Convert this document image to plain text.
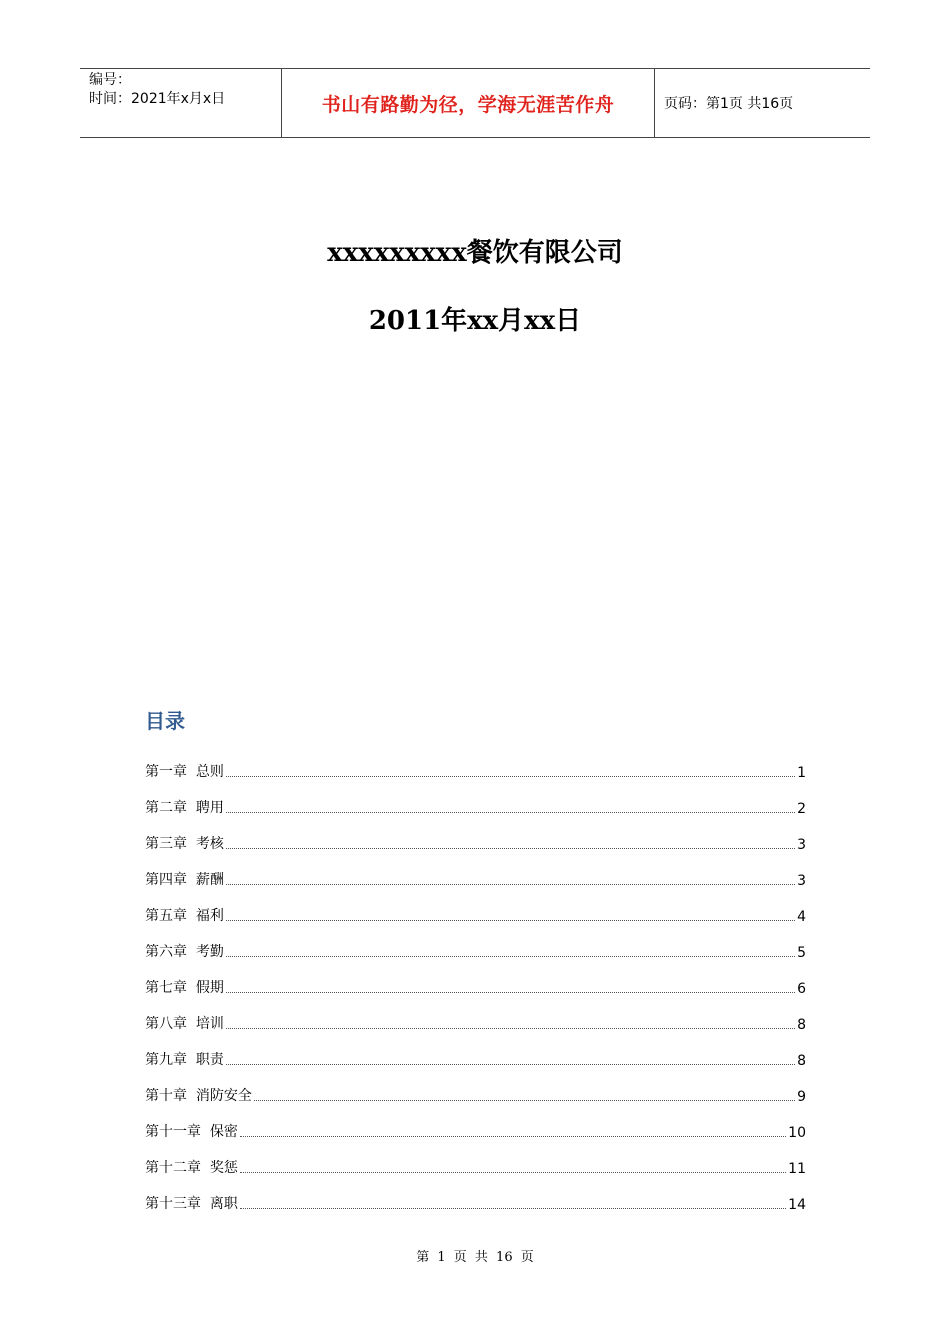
编号：
时间：2021年x月x日	书山有路勤为径，学海无涯苦作舟	页码：第1页 共16页
xxxxxxxxx餐饮有限公司
2011年xx月xx日
目录
第一章  总则	1
第二章  聘用	2
第三章  考核	3
第四章  薪酬	3
第五章  福利	4
第六章  考勤	5
第七章  假期	6
第八章  培训	8
第九章  职责	8
第十章  消防安全	9
第十一章  保密	10
第十二章  奖惩	11
第十三章  离职	14
第 1 页 共 16 页
